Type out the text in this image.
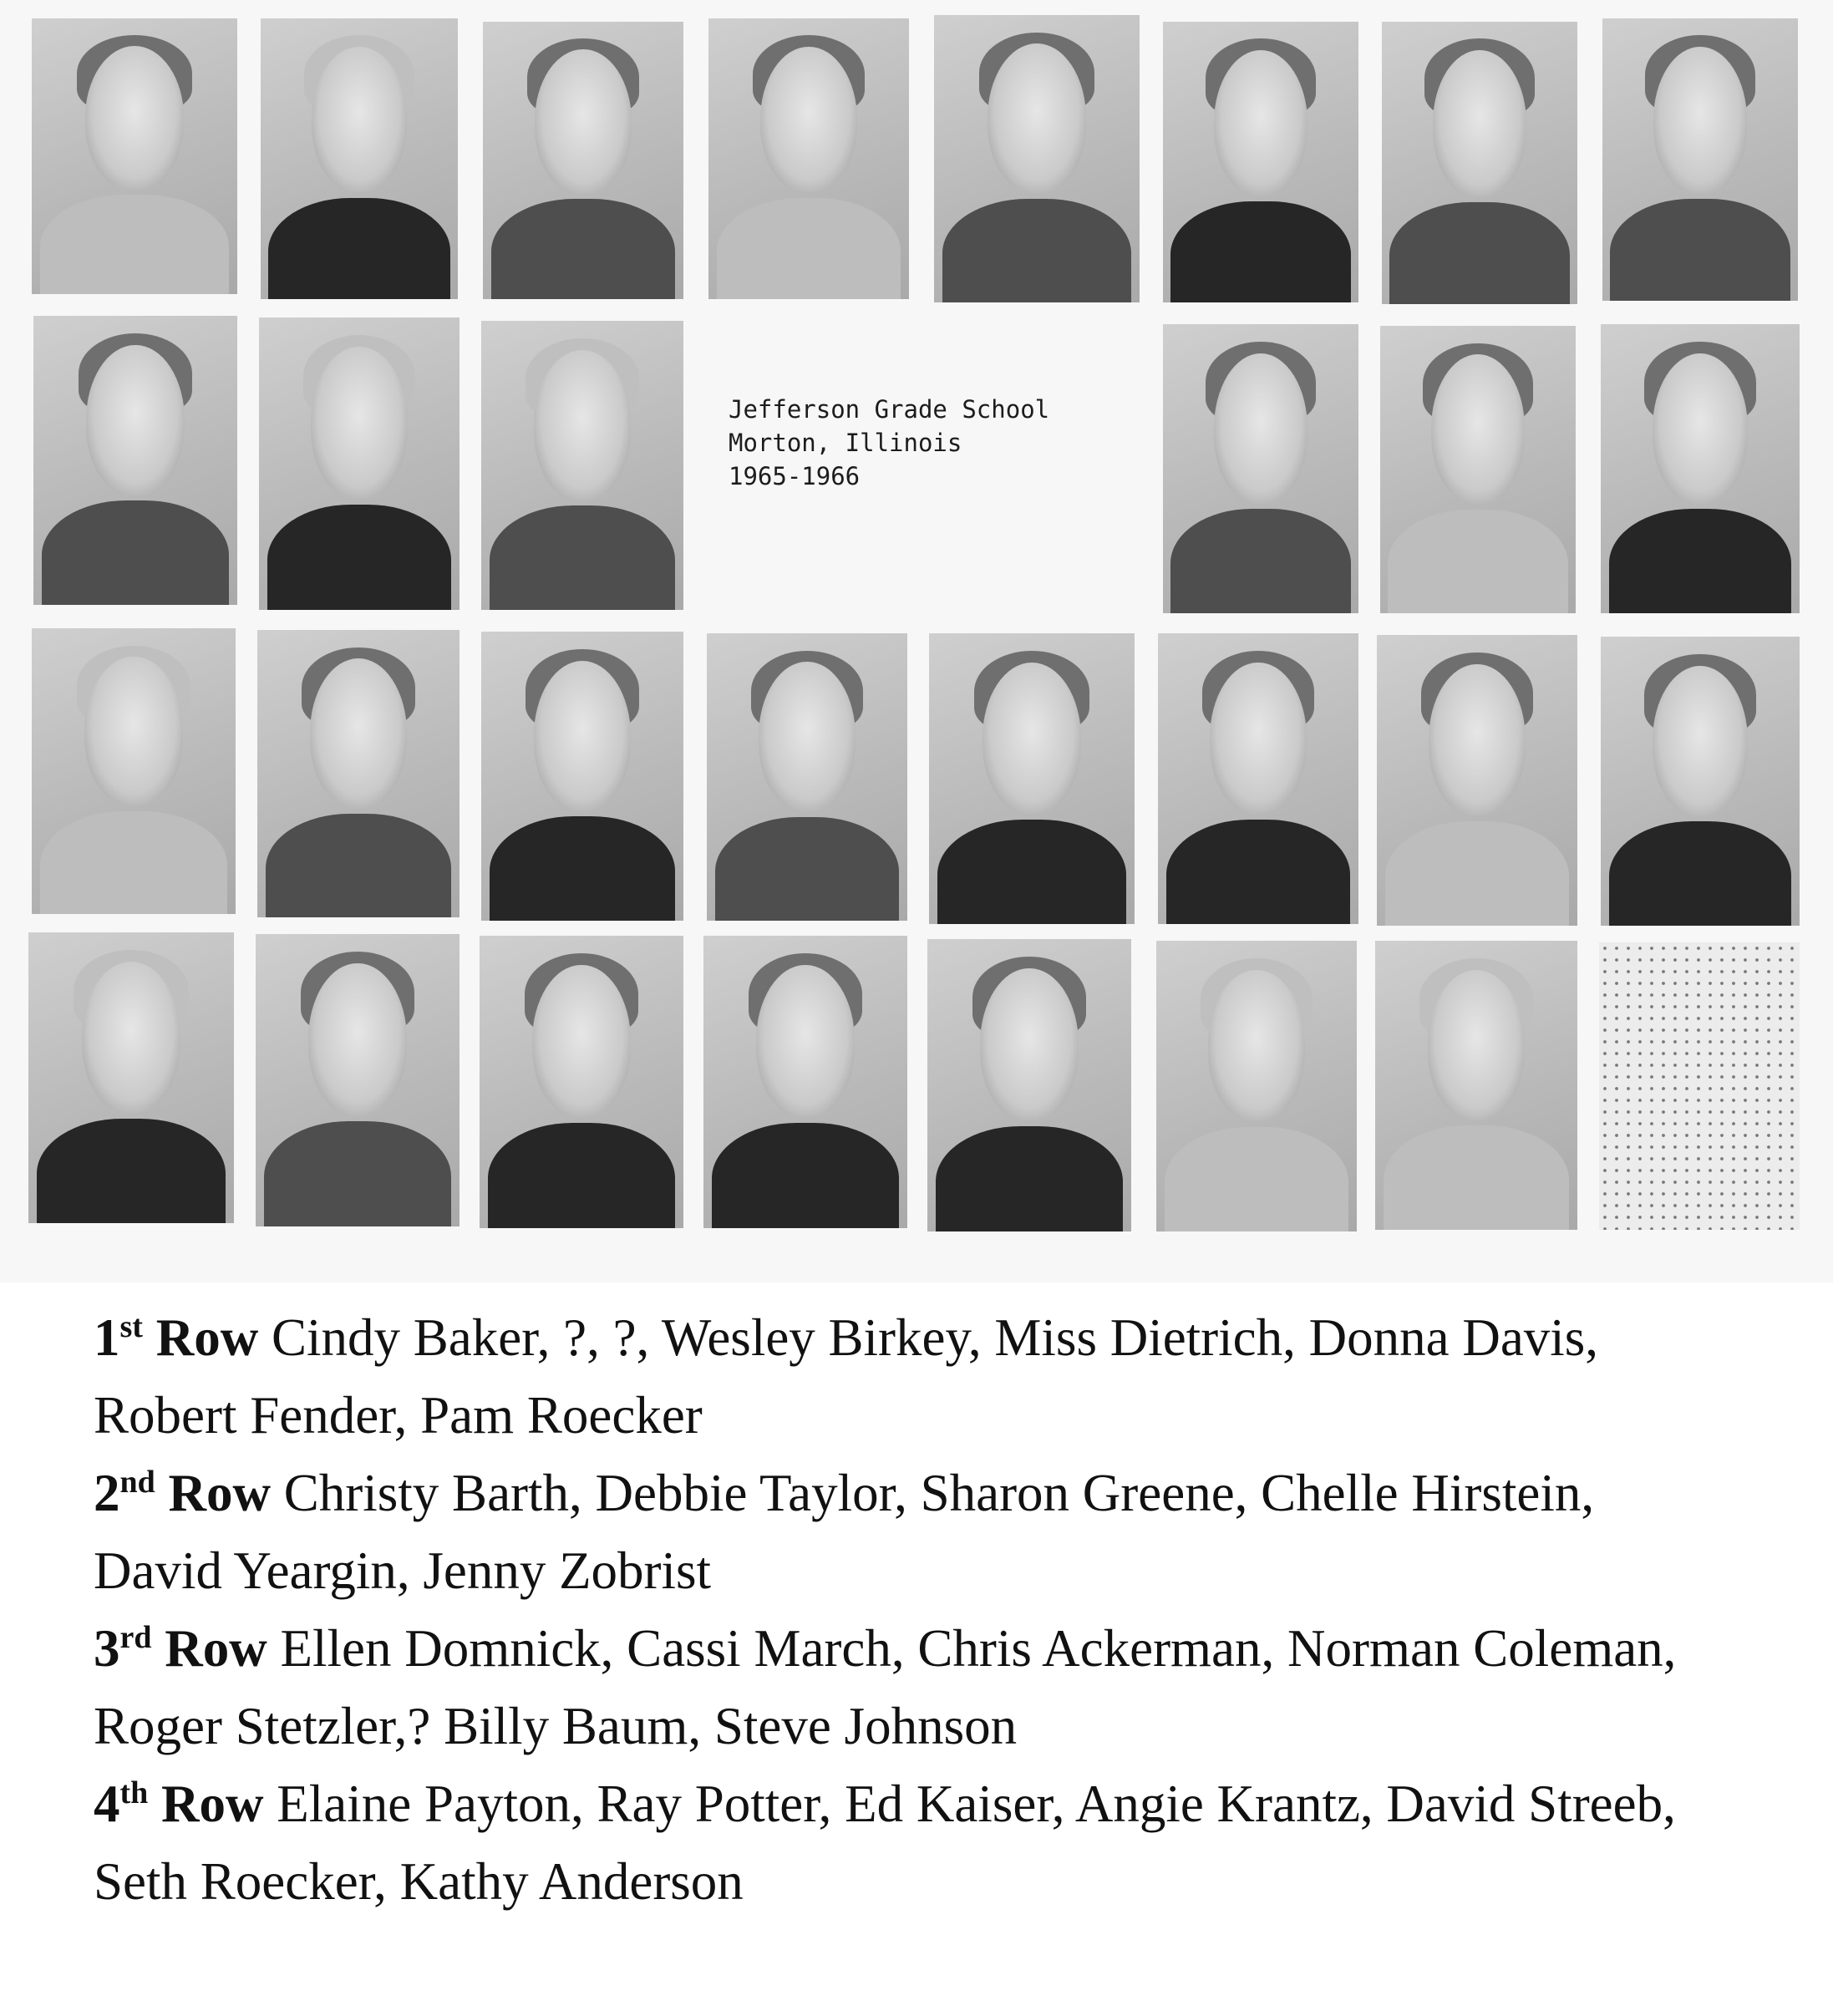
Jefferson Grade School
Morton, Illinois
1965-1966
1st Row Cindy Baker, ?, ?, Wesley Birkey, Miss Dietrich, Donna Davis, Robert Fender, Pam Roecker
2nd Row Christy Barth, Debbie Taylor, Sharon Greene, Chelle Hirstein, David Yeargin, Jenny Zobrist
3rd Row Ellen Domnick, Cassi March, Chris Ackerman, Norman Coleman, Roger Stetzler,? Billy Baum, Steve Johnson
4th Row Elaine Payton, Ray Potter, Ed Kaiser, Angie Krantz, David Streeb, Seth Roecker, Kathy Anderson
